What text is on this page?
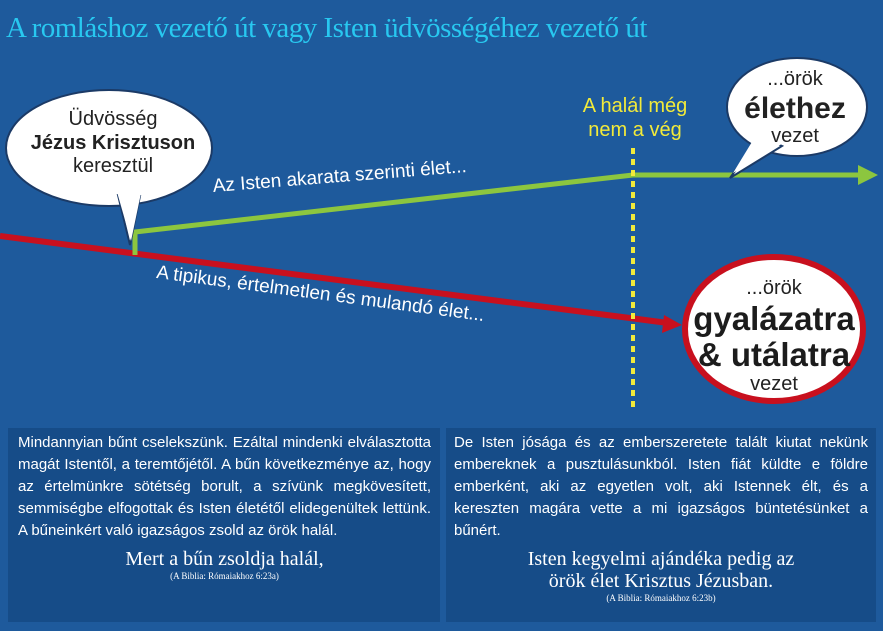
A romláshoz vezető út vagy Isten üdvösségéhez vezető út
Üdvösség
Jézus Krisztuson
keresztül
...örök
élethez
vezet
...örök
gyalázatra
& utálatra
vezet
A halál még
nem a vég
Az Isten akarata szerinti élet...
A tipikus, értelmetlen és mulandó élet...

Mindannyian bűnt cselekszünk. Ezáltal mindenki elválasztotta magát Istentől, a teremtőjétől. A bűn következménye az, hogy az értelmünkre sötétség borult, a szívünk megkövesített, semmiségbe elfogottak és Isten életétől elidegenültek lettünk. A bűneinkért való igazságos zsold az örök halál.

Mert a bűn zsoldja halál,
(A Biblia: Rómaiakhoz 6:23a)

De Isten jósága és az emberszeretete talált kiutat nekünk embereknek a pusztulásunkból. Isten fiát küldte e földre emberként, aki az egyetlen volt, aki Istennek élt, és a kereszten magára vette a mi igazságos büntetésünket a bűnért.

Isten kegyelmi ajándéka pedig az
örök élet Krisztus Jézusban.
(A Biblia: Rómaiakhoz 6:23b)
